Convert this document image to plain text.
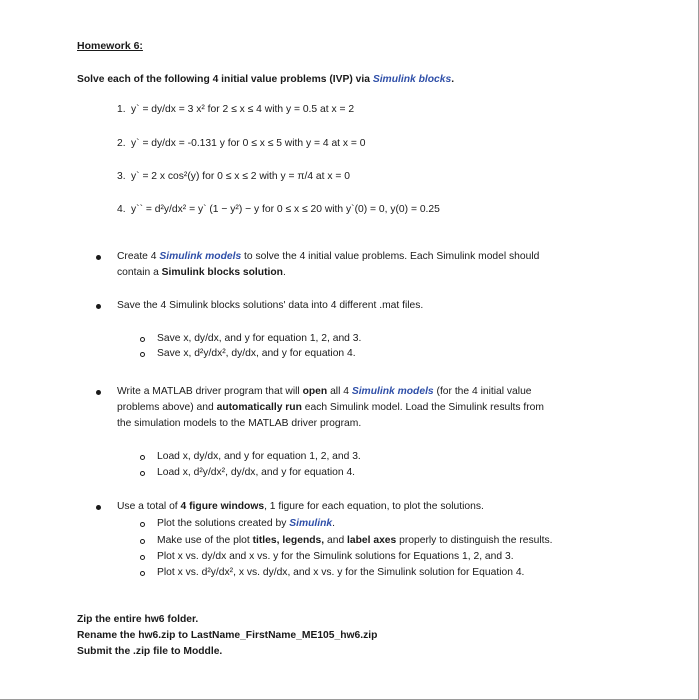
Homework 6:
Solve each of the following 4 initial value problems (IVP) via Simulink blocks.
1. y` = dy/dx = 3 x² for 2 ≤ x ≤ 4 with y = 0.5 at x = 2
2. y` = dy/dx = -0.131 y for 0 ≤ x ≤ 5 with y = 4 at x = 0
3. y` = 2 x cos²(y) for 0 ≤ x ≤ 2 with y = π/4 at x = 0
4. y`` = d²y/dx² = y` (1 − y²) − y for 0 ≤ x ≤ 20 with y`(0) = 0, y(0) = 0.25
Create 4 Simulink models to solve the 4 initial value problems. Each Simulink model should
contain a Simulink blocks solution.
Save the 4 Simulink blocks solutions' data into 4 different .mat files.
Save x, dy/dx, and y for equation 1, 2, and 3.
Save x, d²y/dx², dy/dx, and y for equation 4.
Write a MATLAB driver program that will open all 4 Simulink models (for the 4 initial value
problems above) and automatically run each Simulink model. Load the Simulink results from
the simulation models to the MATLAB driver program.
Load x, dy/dx, and y for equation 1, 2, and 3.
Load x, d²y/dx², dy/dx, and y for equation 4.
Use a total of 4 figure windows, 1 figure for each equation, to plot the solutions.
Plot the solutions created by Simulink.
Make use of the plot titles, legends, and label axes properly to distinguish the results.
Plot x vs. dy/dx and x vs. y for the Simulink solutions for Equations 1, 2, and 3.
Plot x vs. d²y/dx², x vs. dy/dx, and x vs. y for the Simulink solution for Equation 4.
Zip the entire hw6 folder.
Rename the hw6.zip to LastName_FirstName_ME105_hw6.zip
Submit the .zip file to Moddle.
